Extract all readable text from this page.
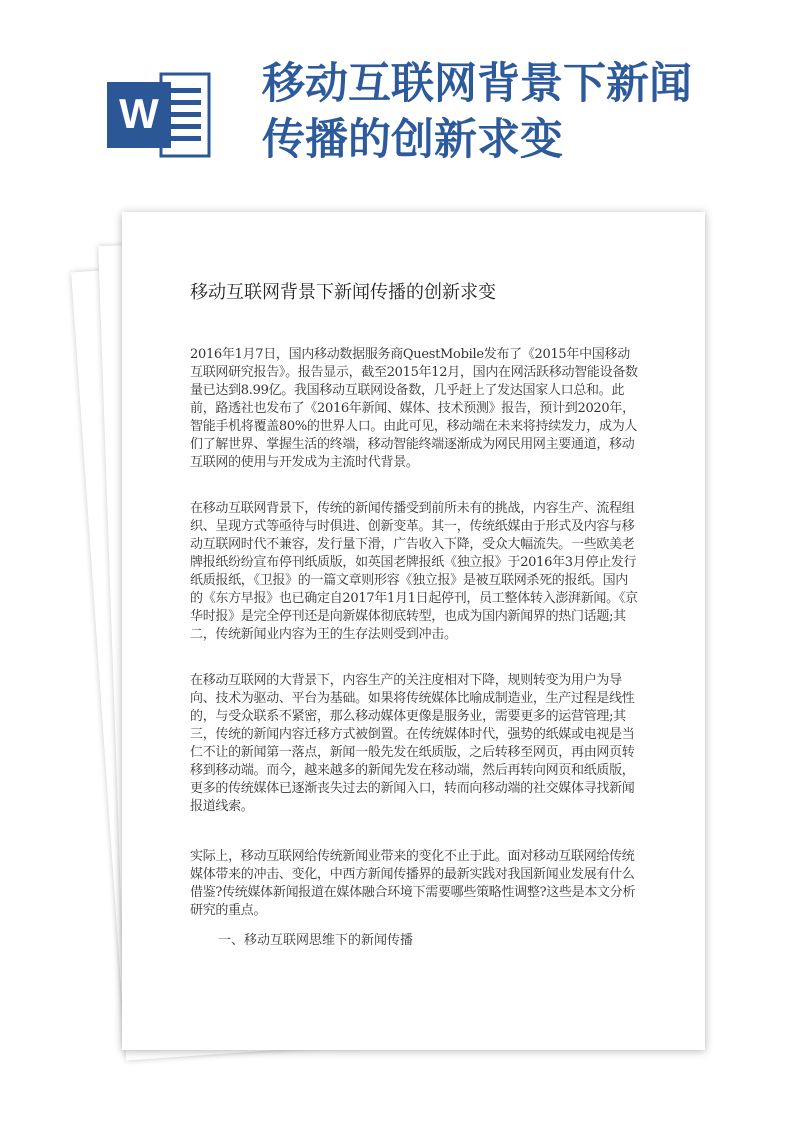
W
移动互联网背景下新闻
传播的创新求变
移动互联网背景下新闻传播的创新求变

2016年1月7日，国内移动数据服务商QuestMobile发布了《2015年中国移动互联网研究报告》。报告显示，截至2015年12月，国内在网活跃移动智能设备数量已达到8.99亿。我国移动互联网设备数，几乎赶上了发达国家人口总和。此前，路透社也发布了《2016年新闻、媒体、技术预测》报告，预计到2020年，智能手机将覆盖80%的世界人口。由此可见，移动端在未来将持续发力，成为人们了解世界、掌握生活的终端，移动智能终端逐渐成为网民用网主要通道，移动互联网的使用与开发成为主流时代背景。

在移动互联网背景下，传统的新闻传播受到前所未有的挑战，内容生产、流程组织、呈现方式等亟待与时俱进、创新变革。其一，传统纸媒由于形式及内容与移动互联网时代不兼容，发行量下滑，广告收入下降，受众大幅流失。一些欧美老牌报纸纷纷宣布停刊纸质版，如英国老牌报纸《独立报》于2016年3月停止发行纸质报纸，《卫报》的一篇文章则形容《独立报》是被互联网杀死的报纸。国内的《东方早报》也已确定自2017年1月1日起停刊，员工整体转入澎湃新闻。《京华时报》是完全停刊还是向新媒体彻底转型，也成为国内新闻界的热门话题;其二，传统新闻业内容为王的生存法则受到冲击。

在移动互联网的大背景下，内容生产的关注度相对下降，规则转变为用户为导向、技术为驱动、平台为基础。如果将传统媒体比喻成制造业，生产过程是线性的，与受众联系不紧密，那么移动媒体更像是服务业，需要更多的运营管理;其三，传统的新闻内容迁移方式被倒置。在传统媒体时代，强势的纸媒或电视是当仁不让的新闻第一落点，新闻一般先发在纸质版，之后转移至网页，再由网页转移到移动端。而今，越来越多的新闻先发在移动端，然后再转向网页和纸质版，更多的传统媒体已逐渐丧失过去的新闻入口，转而向移动端的社交媒体寻找新闻报道线索。

实际上，移动互联网给传统新闻业带来的变化不止于此。面对移动互联网给传统媒体带来的冲击、变化，中西方新闻传播界的最新实践对我国新闻业发展有什么借鉴?传统媒体新闻报道在媒体融合环境下需要哪些策略性调整?这些是本文分析研究的重点。

一、移动互联网思维下的新闻传播
